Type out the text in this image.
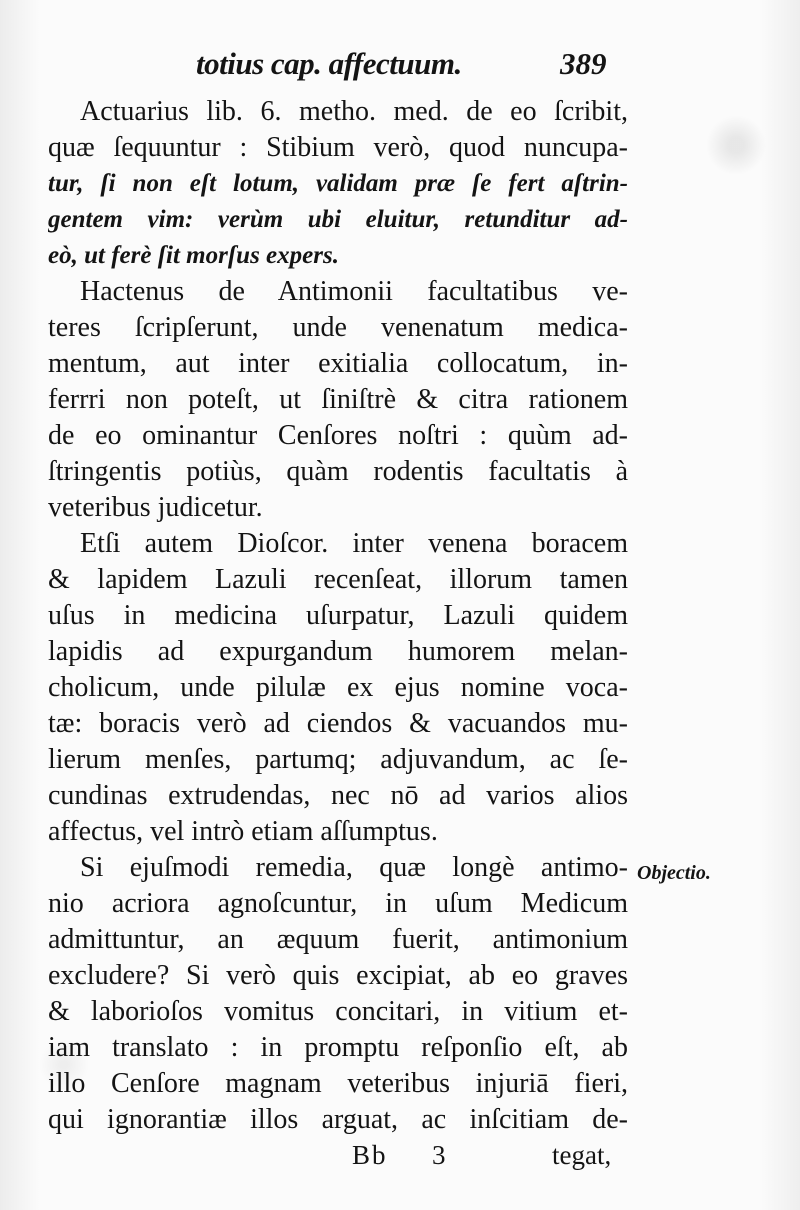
totius cap. affectuum.	389
Actuarius lib. 6. metho. med. de eo ſcribit,
quæ ſequuntur : Stibium verò, quod nuncupa-
tur, ſi non eſt lotum, validam præ ſe fert aſtrin-
gentem vim: verùm ubi eluitur, retunditur ad-
eò, ut ferè ſit morſus expers.
Hactenus de Antimonii facultatibus ve-
teres ſcripſerunt, unde venenatum medica-
mentum, aut inter exitialia collocatum, in-
ferrri non poteſt, ut ſiniſtrè & citra rationem
de eo ominantur Cenſores noſtri : quùm ad-
ſtringentis potiùs, quàm rodentis facultatis à
veteribus judicetur.
Etſi autem Dioſcor. inter venena boracem
& lapidem Lazuli recenſeat, illorum tamen
uſus in medicina uſurpatur, Lazuli quidem
lapidis ad expurgandum humorem melan-
cholicum, unde pilulæ ex ejus nomine voca-
tæ: boracis verò ad ciendos & vacuandos mu-
lierum menſes, partumq; adjuvandum, ac ſe-
cundinas extrudendas, nec nō ad varios alios
affectus, vel intrò etiam aſſumptus.
Si ejuſmodi remedia, quæ longè antimo-
nio acriora agnoſcuntur, in uſum Medicum
admittuntur, an æquum fuerit, antimonium
excludere? Si verò quis excipiat, ab eo graves
& laborioſos vomitus concitari, in vitium et-
iam translato : in promptu reſponſio eſt, ab
illo Cenſore magnam veteribus injuriā fieri,
qui ignorantiæ illos arguat, ac inſcitiam de-
Objectio.
Bb 3	tegat,
